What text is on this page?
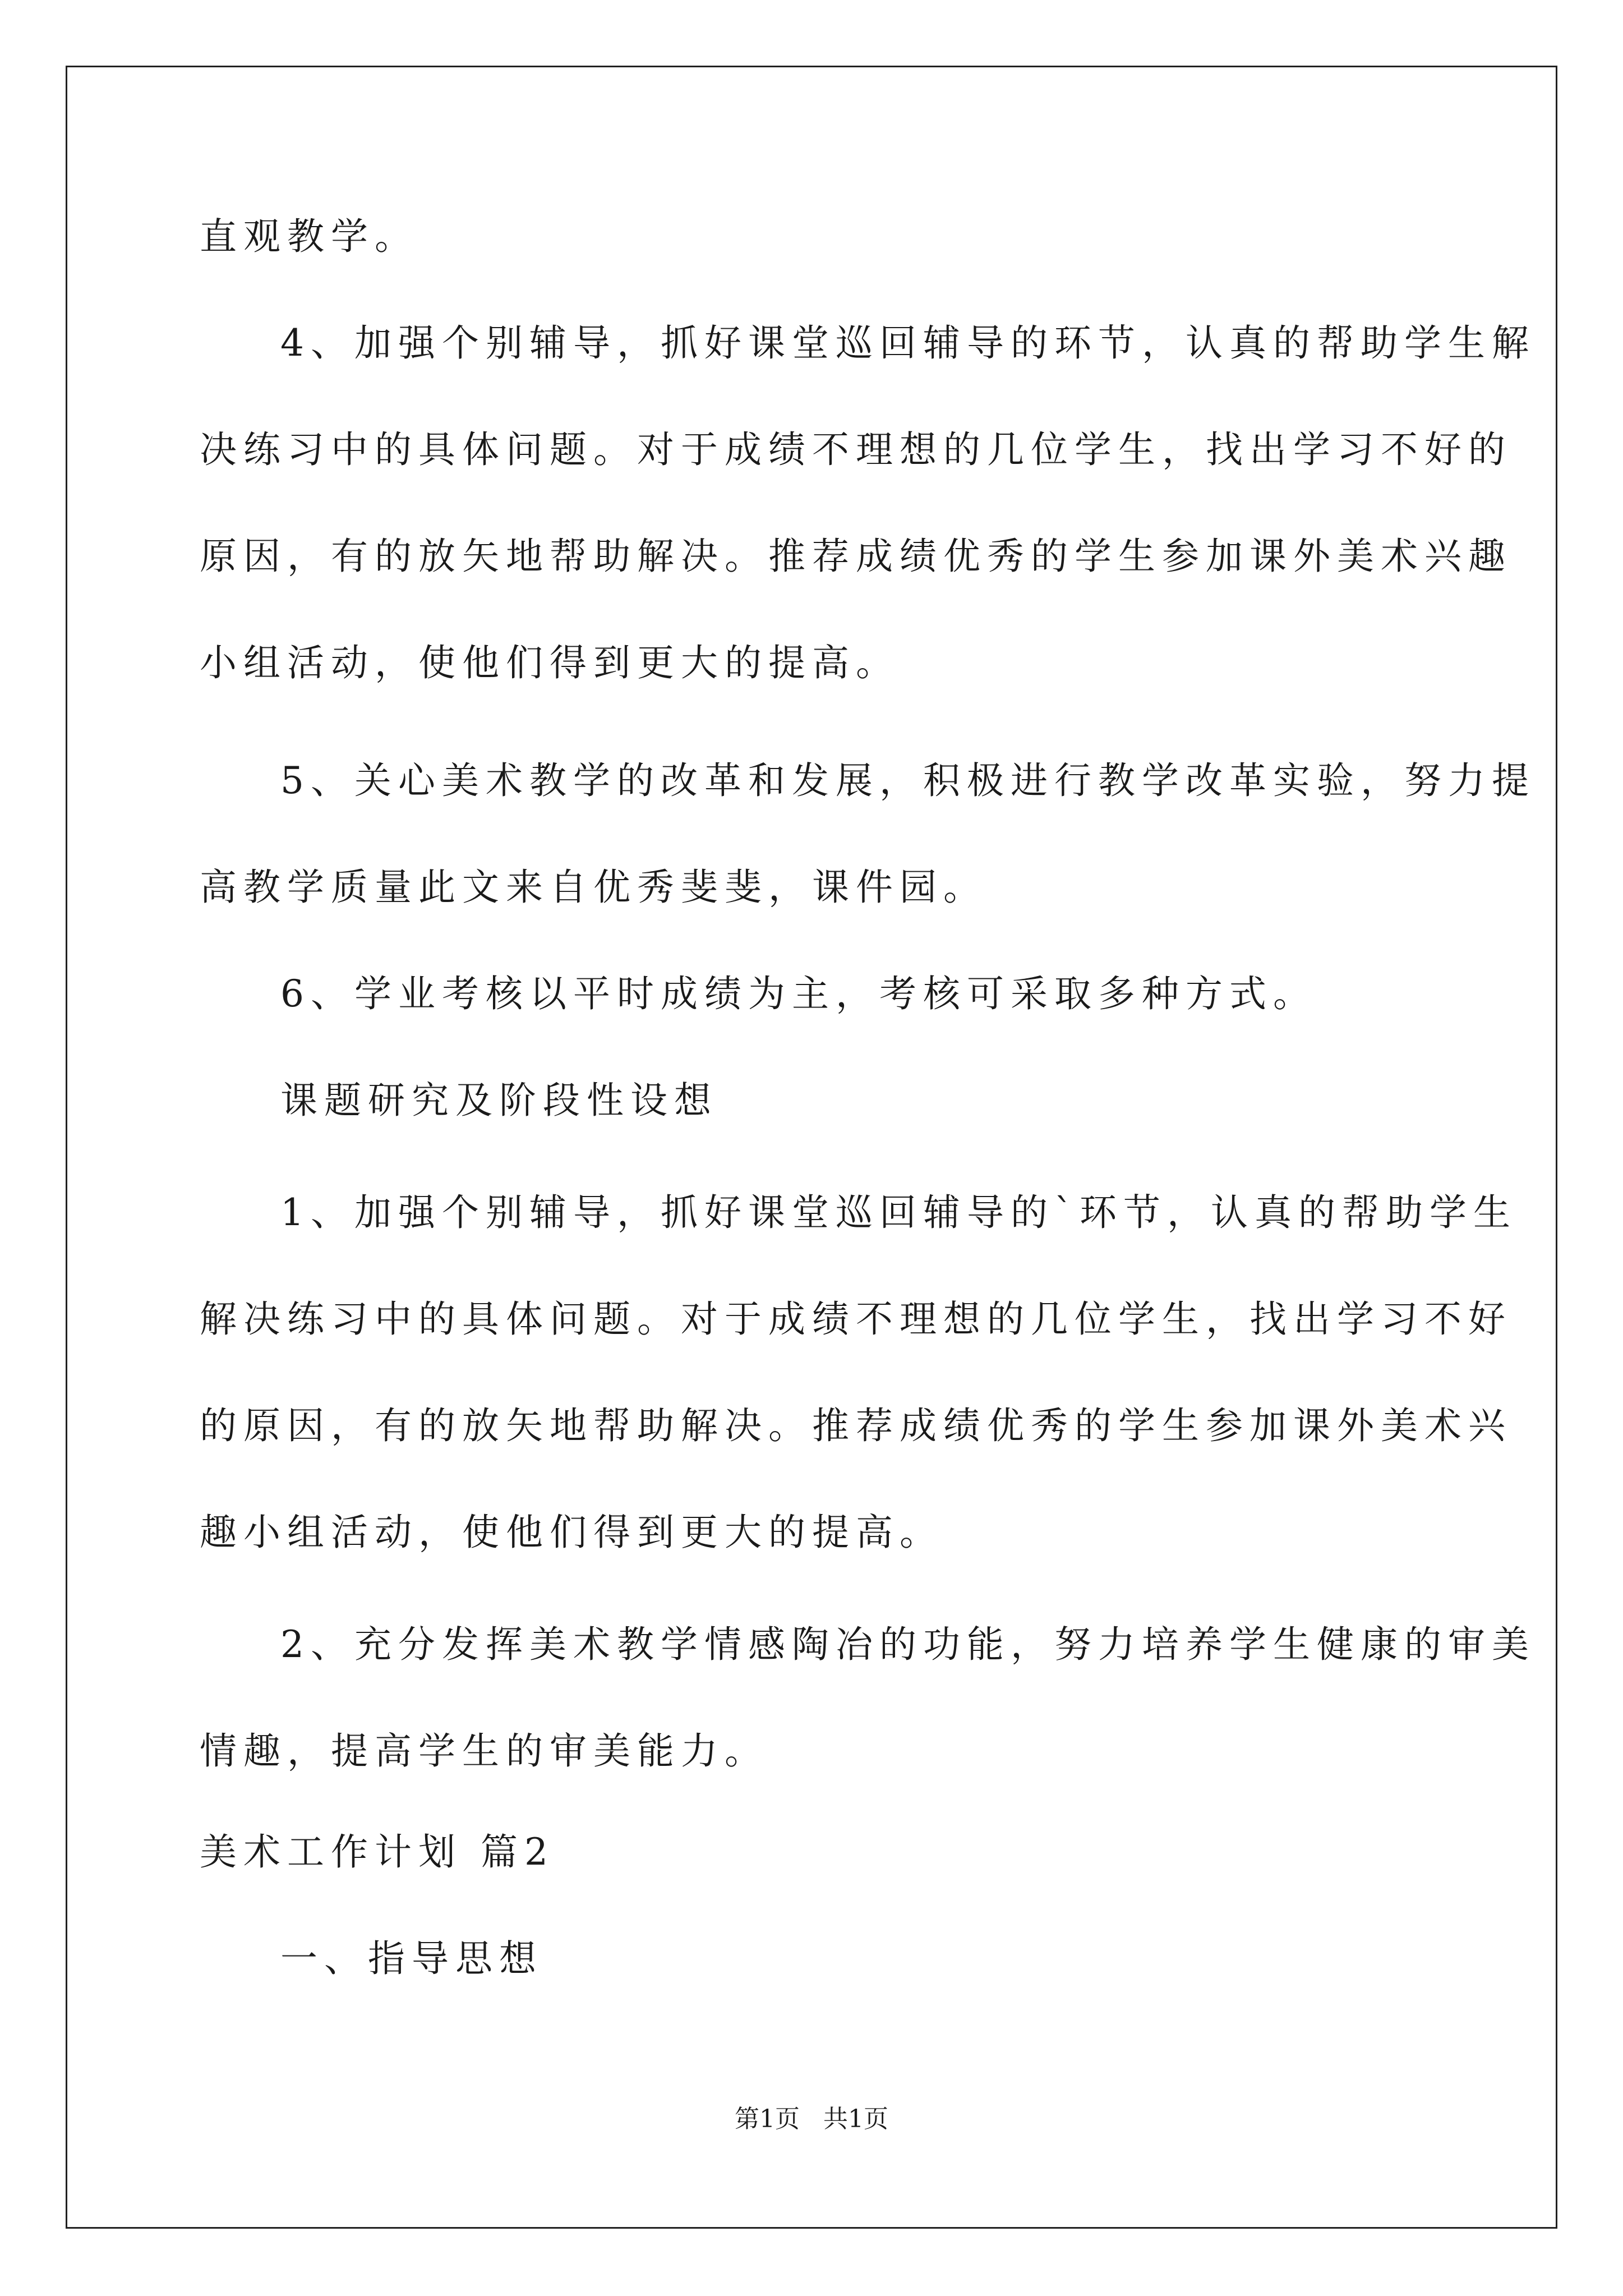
直观教学。
4、加强个别辅导，抓好课堂巡回辅导的环节，认真的帮助学生解
决练习中的具体问题。对于成绩不理想的几位学生，找出学习不好的
原因，有的放矢地帮助解决。推荐成绩优秀的学生参加课外美术兴趣
小组活动，使他们得到更大的提高。
5、关心美术教学的改革和发展，积极进行教学改革实验，努力提
高教学质量此文来自优秀斐斐，课件园。
6、学业考核以平时成绩为主，考核可采取多种方式。
课题研究及阶段性设想
1、加强个别辅导，抓好课堂巡回辅导的`环节，认真的帮助学生
解决练习中的具体问题。对于成绩不理想的几位学生，找出学习不好
的原因，有的放矢地帮助解决。推荐成绩优秀的学生参加课外美术兴
趣小组活动，使他们得到更大的提高。
2、充分发挥美术教学情感陶冶的功能，努力培养学生健康的审美
情趣，提高学生的审美能力。
美术工作计划 篇2
一、指导思想
第1页   共1页
